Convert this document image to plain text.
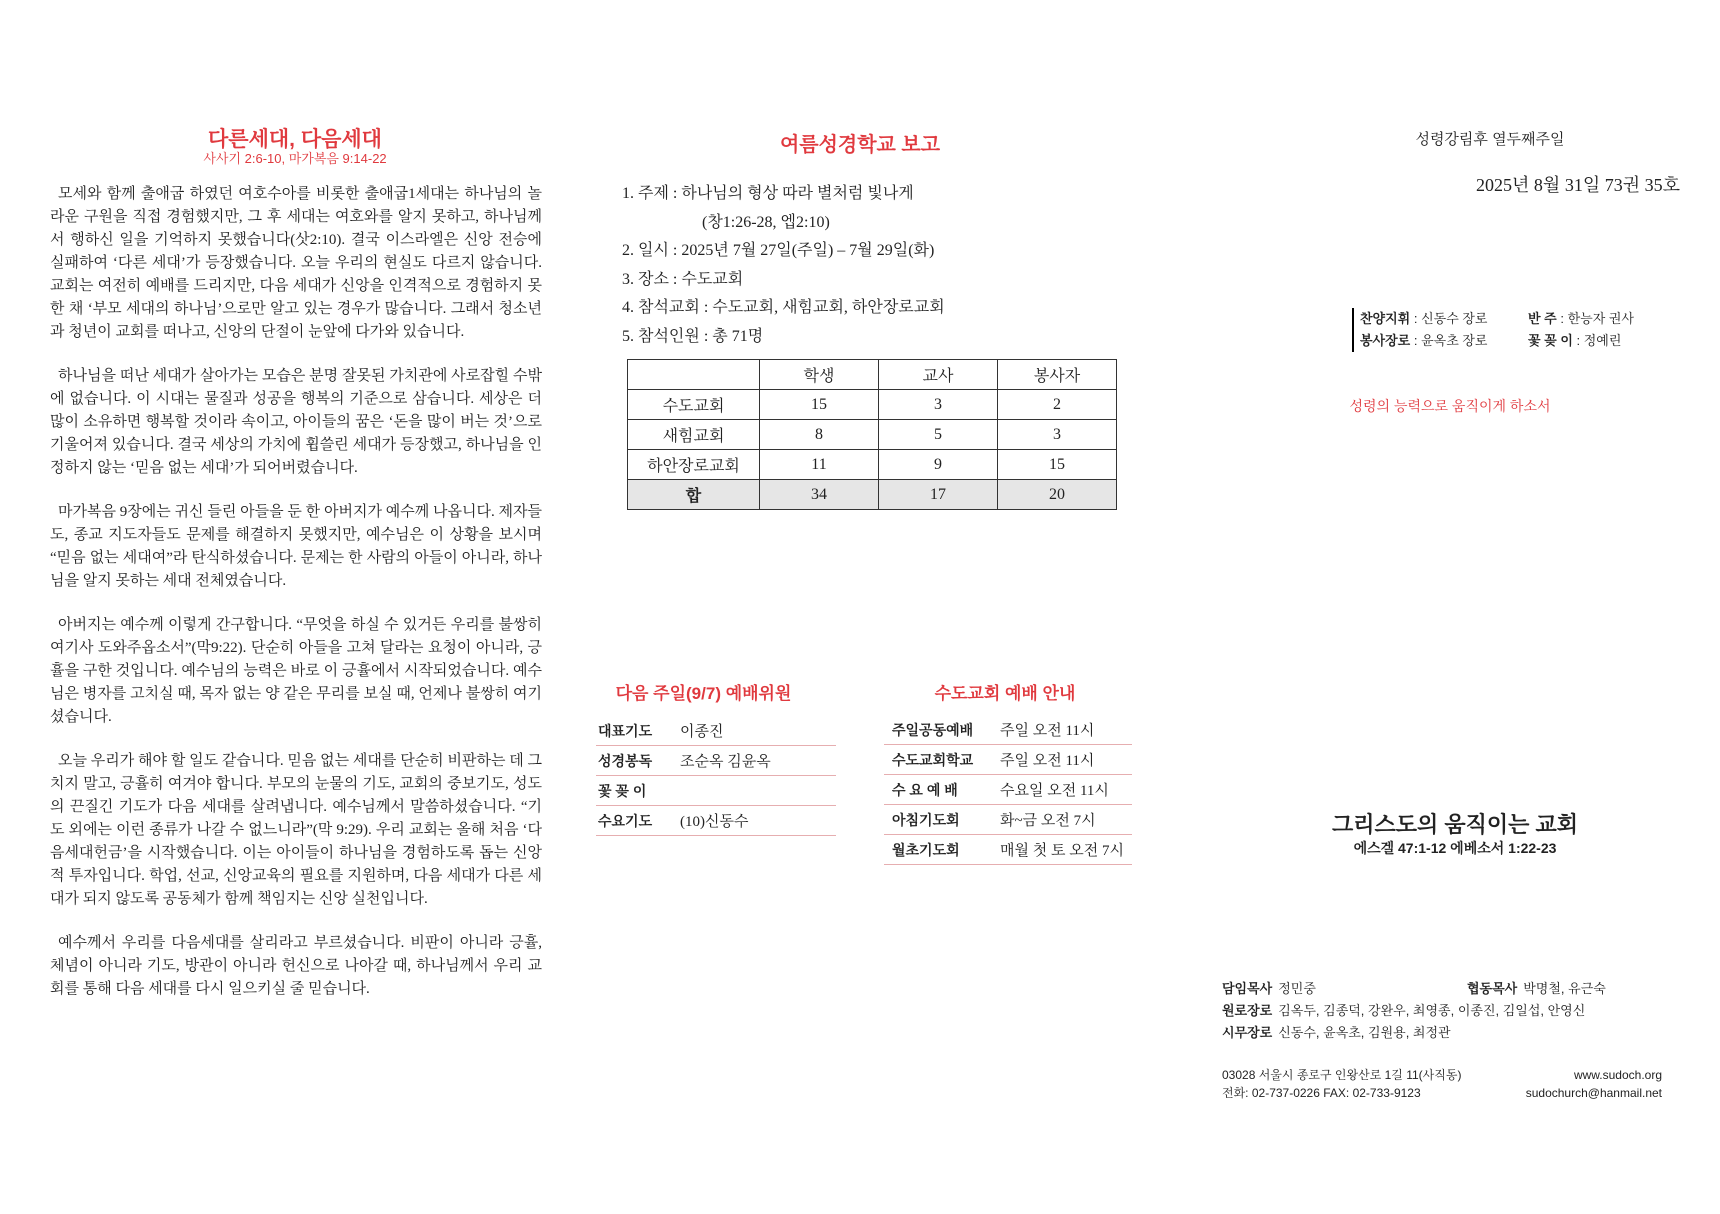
다른세대, 다음세대
사사기 2:6-10, 마가복음 9:14-22

모세와 함께 출애굽 하였던 여호수아를 비롯한 출애굽1세대는 하나님의 놀라운 구원을 직접 경험했지만, 그 후 세대는 여호와를 알지 못하고, 하나님께서 행하신 일을 기억하지 못했습니다(삿2:10). 결국 이스라엘은 신앙 전승에 실패하여 ‘다른 세대’가 등장했습니다. 오늘 우리의 현실도 다르지 않습니다. 교회는 여전히 예배를 드리지만, 다음 세대가 신앙을 인격적으로 경험하지 못한 채 ‘부모 세대의 하나님’으로만 알고 있는 경우가 많습니다. 그래서 청소년과 청년이 교회를 떠나고, 신앙의 단절이 눈앞에 다가와 있습니다.

하나님을 떠난 세대가 살아가는 모습은 분명 잘못된 가치관에 사로잡힐 수밖에 없습니다. 이 시대는 물질과 성공을 행복의 기준으로 삼습니다. 세상은 더 많이 소유하면 행복할 것이라 속이고, 아이들의 꿈은 ‘돈을 많이 버는 것’으로 기울어져 있습니다. 결국 세상의 가치에 휩쓸린 세대가 등장했고, 하나님을 인정하지 않는 ‘믿음 없는 세대’가 되어버렸습니다.

마가복음 9장에는 귀신 들린 아들을 둔 한 아버지가 예수께 나옵니다. 제자들도, 종교 지도자들도 문제를 해결하지 못했지만, 예수님은 이 상황을 보시며 “믿음 없는 세대여”라 탄식하셨습니다. 문제는 한 사람의 아들이 아니라, 하나님을 알지 못하는 세대 전체였습니다.

아버지는 예수께 이렇게 간구합니다. “무엇을 하실 수 있거든 우리를 불쌍히 여기사 도와주옵소서”(막9:22). 단순히 아들을 고쳐 달라는 요청이 아니라, 긍휼을 구한 것입니다. 예수님의 능력은 바로 이 긍휼에서 시작되었습니다. 예수님은 병자를 고치실 때, 목자 없는 양 같은 무리를 보실 때, 언제나 불쌍히 여기셨습니다.

오늘 우리가 해야 할 일도 같습니다. 믿음 없는 세대를 단순히 비판하는 데 그치지 말고, 긍휼히 여겨야 합니다. 부모의 눈물의 기도, 교회의 중보기도, 성도의 끈질긴 기도가 다음 세대를 살려냅니다. 예수님께서 말씀하셨습니다. “기도 외에는 이런 종류가 나갈 수 없느니라”(막 9:29). 우리 교회는 올해 처음 ‘다음세대헌금’을 시작했습니다. 이는 아이들이 하나님을 경험하도록 돕는 신앙적 투자입니다. 학업, 선교, 신앙교육의 필요를 지원하며, 다음 세대가 다른 세대가 되지 않도록 공동체가 함께 책임지는 신앙 실천입니다.

예수께서 우리를 다음세대를 살리라고 부르셨습니다. 비판이 아니라 긍휼, 체념이 아니라 기도, 방관이 아니라 헌신으로 나아갈 때, 하나님께서 우리 교회를 통해 다음 세대를 다시 일으키실 줄 믿습니다.

여름성경학교 보고
1. 주제 : 하나님의 형상 따라 별처럼 빛나게
(창1:26-28, 엡2:10)
2. 일시 : 2025년 7월 27일(주일) – 7월 29일(화)
3. 장소 : 수도교회
4. 참석교회 : 수도교회, 새힘교회, 하안장로교회
5. 참석인원 : 총 71명
	학생	교사	봉사자
수도교회	15	3	2
새힘교회	8	5	3
하안장로교회	11	9	15
합	34	17	20
다음 주일(9/7) 예배위원
대표기도	이종진
성경봉독	조순옥 김윤옥
꽃 꽂 이
수요기도	(10)신동수
수도교회 예배 안내
주일공동예배	주일 오전 11시
수도교회학교	주일 오전 11시
수 요 예 배	수요일 오전 11시
아침기도회	화~금 오전 7시
월초기도회	매월 첫 토 오전 7시
성령강림후 열두째주일
2025년 8월 31일 73권 35호
찬양지휘 : 신동수 장로	반 주 : 한능자 권사
봉사장로 : 윤옥초 장로	꽃 꽂 이 : 정예린
성령의 능력으로 움직이게 하소서
그리스도의 움직이는 교회
에스겔 47:1-12 에베소서 1:22-23
담임목사 정민중	협동목사 박명철, 유근숙
원로장로 김옥두, 김종덕, 강완우, 최영종, 이종진, 김일섭, 안영신
시무장로 신동수, 윤옥초, 김원용, 최정관
03028 서울시 종로구 인왕산로 1길 11(사직동)	www.sudoch.org
전화: 02-737-0226 FAX: 02-733-9123	sudochurch@hanmail.net
